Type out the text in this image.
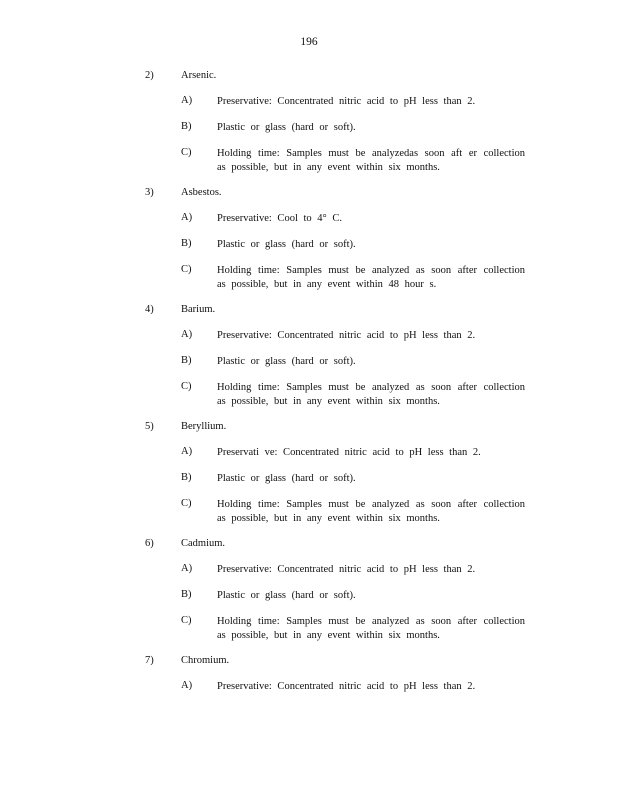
196
2)	Arsenic.
A) Preservative: Concentrated nitric acid to pH less than 2.
B) Plastic or glass (hard or soft).
C) Holding time: Samples must be analyzedas soon aft er collection as possible, but in any event within six months.
3)	Asbestos.
A) Preservative: Cool to 4° C.
B) Plastic or glass (hard or soft).
C) Holding time: Samples must be analyzed as soon after collection as possible, but in any event within 48 hour s.
4)	Barium.
A) Preservative: Concentrated nitric acid to pH less than 2.
B) Plastic or glass (hard or soft).
C) Holding time: Samples must be analyzed as soon after collection as possible, but in any event within six months.
5)	Beryllium.
A) Preservati ve: Concentrated nitric acid to pH less than 2.
B) Plastic or glass (hard or soft).
C) Holding time: Samples must be analyzed as soon after collection as possible, but in any event within six months.
6)	Cadmium.
A) Preservative: Concentrated nitric acid to pH less than 2.
B) Plastic or glass (hard or soft).
C) Holding time: Samples must be analyzed as soon after collection as possible, but in any event within six months.
7)	Chromium.
A) Preservative: Concentrated nitric acid to pH less than 2.
